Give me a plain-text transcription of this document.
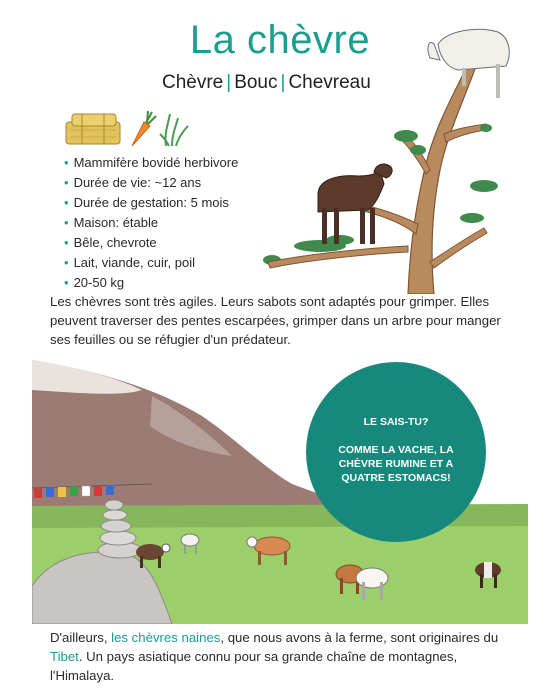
La chèvre
Chèvre | Bouc | Chevreau
• Mammifère bovidé herbivore
• Durée de vie: ~12 ans
• Durée de gestation: 5 mois
• Maison: étable
• Bêle, chevrote
• Lait, viande, cuir, poil
• 20-50 kg
Les chèvres sont très agiles. Leurs sabots sont adaptés pour grimper. Elles peuvent traverser des pentes escarpées, grimper dans un arbre pour manger ses feuilles ou se réfugier d'un prédateur.
LE SAIS-TU?
COMME LA VACHE, LA CHÈVRE RUMINE ET A QUATRE ESTOMACS!
D'ailleurs, les chèvres naines, que nous avons à la ferme, sont originaires du Tibet. Un pays asiatique connu pour sa grande chaîne de montagnes, l'Himalaya.
